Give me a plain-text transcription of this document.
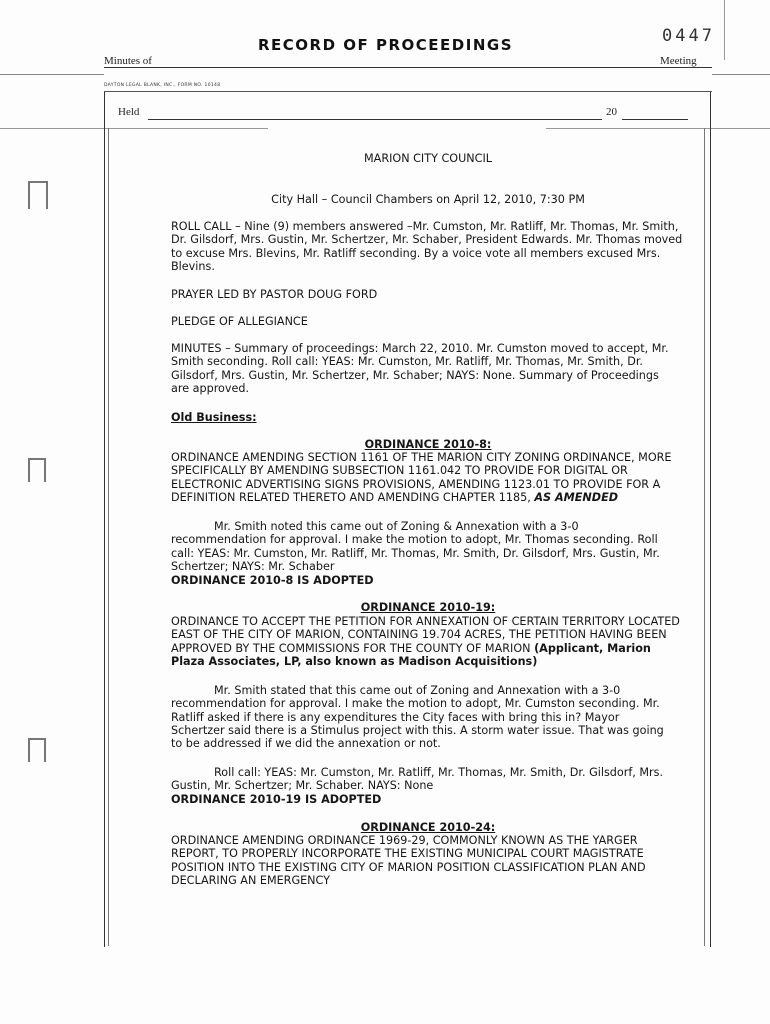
RECORD OF PROCEEDINGS	0447
Minutes of	Meeting
DAYTON LEGAL BLANK, INC., FORM NO. 10148
Held	20
MARION CITY COUNCIL
City Hall – Council Chambers on April 12, 2010, 7:30 PM
ROLL CALL – Nine (9) members answered –Mr. Cumston, Mr. Ratliff, Mr. Thomas, Mr. Smith, Dr. Gilsdorf, Mrs. Gustin, Mr. Schertzer, Mr. Schaber, President Edwards. Mr. Thomas moved to excuse Mrs. Blevins, Mr. Ratliff seconding. By a voice vote all members excused Mrs. Blevins.
PRAYER LED BY PASTOR DOUG FORD
PLEDGE OF ALLEGIANCE
MINUTES – Summary of proceedings: March 22, 2010. Mr. Cumston moved to accept, Mr. Smith seconding. Roll call: YEAS: Mr. Cumston, Mr. Ratliff, Mr. Thomas, Mr. Smith, Dr. Gilsdorf, Mrs. Gustin, Mr. Schertzer, Mr. Schaber; NAYS: None. Summary of Proceedings are approved.
Old Business:
ORDINANCE 2010-8:
ORDINANCE AMENDING SECTION 1161 OF THE MARION CITY ZONING ORDINANCE, MORE SPECIFICALLY BY AMENDING SUBSECTION 1161.042 TO PROVIDE FOR DIGITAL OR ELECTRONIC ADVERTISING SIGNS PROVISIONS, AMENDING 1123.01 TO PROVIDE FOR A DEFINITION RELATED THERETO AND AMENDING CHAPTER 1185, AS AMENDED
Mr. Smith noted this came out of Zoning & Annexation with a 3-0 recommendation for approval. I make the motion to adopt, Mr. Thomas seconding. Roll call: YEAS: Mr. Cumston, Mr. Ratliff, Mr. Thomas, Mr. Smith, Dr. Gilsdorf, Mrs. Gustin, Mr. Schertzer; NAYS: Mr. Schaber
ORDINANCE 2010-8 IS ADOPTED
ORDINANCE 2010-19:
ORDINANCE TO ACCEPT THE PETITION FOR ANNEXATION OF CERTAIN TERRITORY LOCATED EAST OF THE CITY OF MARION, CONTAINING 19.704 ACRES, THE PETITION HAVING BEEN APPROVED BY THE COMMISSIONS FOR THE COUNTY OF MARION (Applicant, Marion Plaza Associates, LP, also known as Madison Acquisitions)
Mr. Smith stated that this came out of Zoning and Annexation with a 3-0 recommendation for approval. I make the motion to adopt, Mr. Cumston seconding. Mr. Ratliff asked if there is any expenditures the City faces with bring this in? Mayor Schertzer said there is a Stimulus project with this. A storm water issue. That was going to be addressed if we did the annexation or not.
Roll call: YEAS: Mr. Cumston, Mr. Ratliff, Mr. Thomas, Mr. Smith, Dr. Gilsdorf, Mrs. Gustin, Mr. Schertzer; Mr. Schaber. NAYS: None
ORDINANCE 2010-19 IS ADOPTED
ORDINANCE 2010-24:
ORDINANCE AMENDING ORDINANCE 1969-29, COMMONLY KNOWN AS THE YARGER REPORT, TO PROPERLY INCORPORATE THE EXISTING MUNICIPAL COURT MAGISTRATE POSITION INTO THE EXISTING CITY OF MARION POSITION CLASSIFICATION PLAN AND DECLARING AN EMERGENCY
